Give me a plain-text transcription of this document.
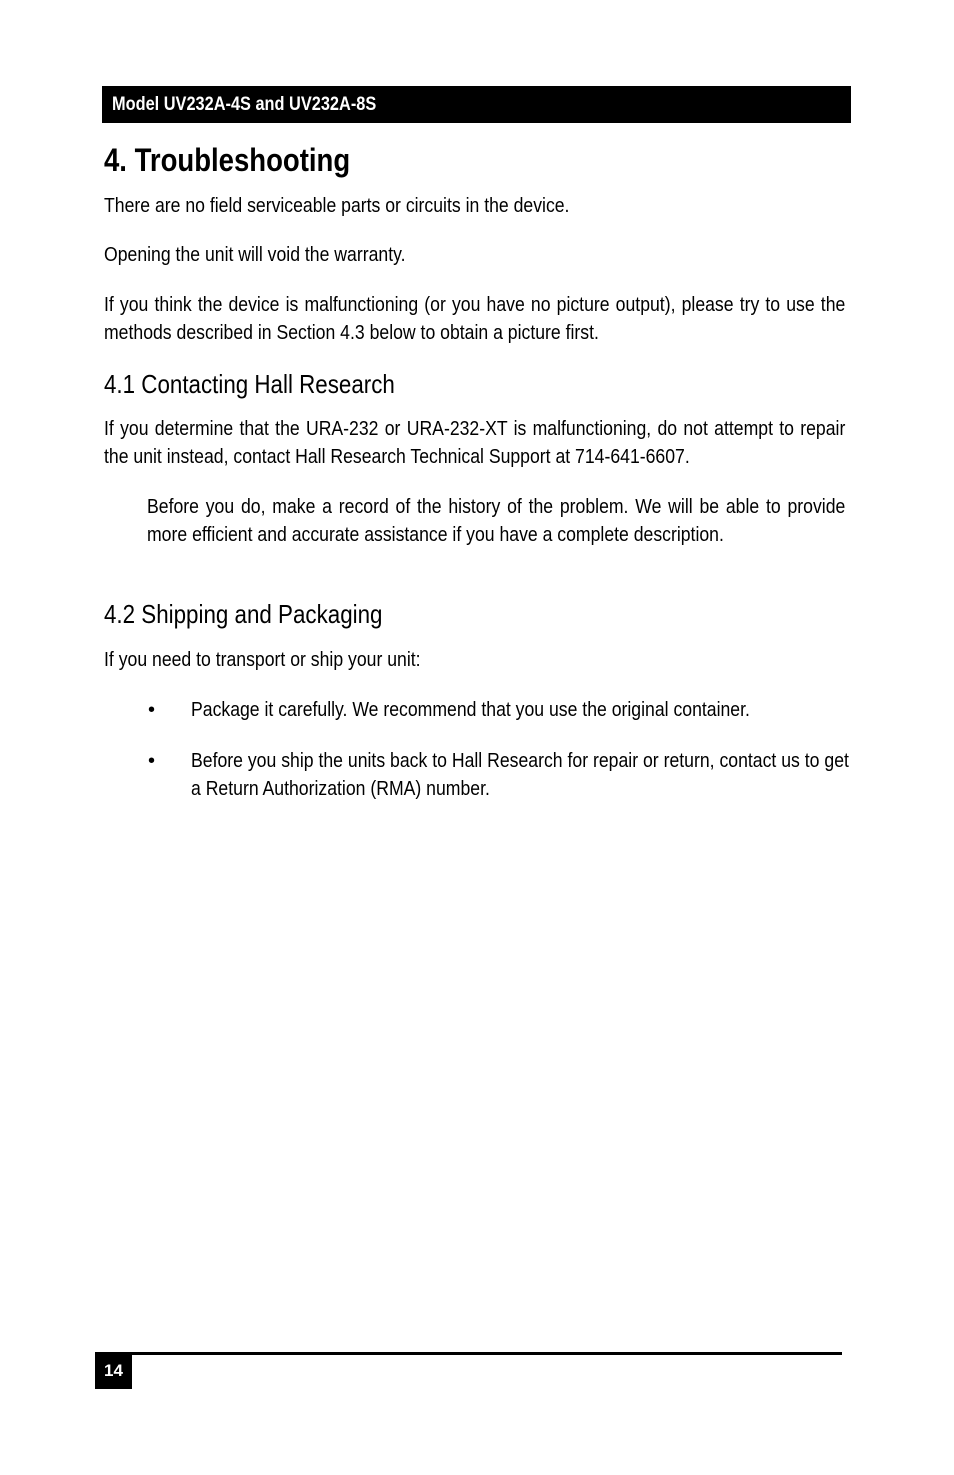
Model UV232A-4S and UV232A-8S
4. Troubleshooting
There are no field serviceable parts or circuits in the device.
Opening the unit will void the warranty.
If you think the device is malfunctioning (or you have no picture output), please try to use the methods described in Section 4.3 below to obtain a picture first.
4.1 Contacting Hall Research
If you determine that the URA-232 or URA-232-XT is malfunctioning, do not attempt to repair the unit instead, contact Hall Research Technical Support at 714-641-6607.
Before you do, make a record of the history of the problem. We will be able to provide more efficient and accurate assistance if you have a complete description.
4.2 Shipping and Packaging
If you need to transport or ship your unit:
• Package it carefully. We recommend that you use the original container.
• Before you ship the units back to Hall Research for repair or return, contact us to get a Return Authorization (RMA) number.
14
